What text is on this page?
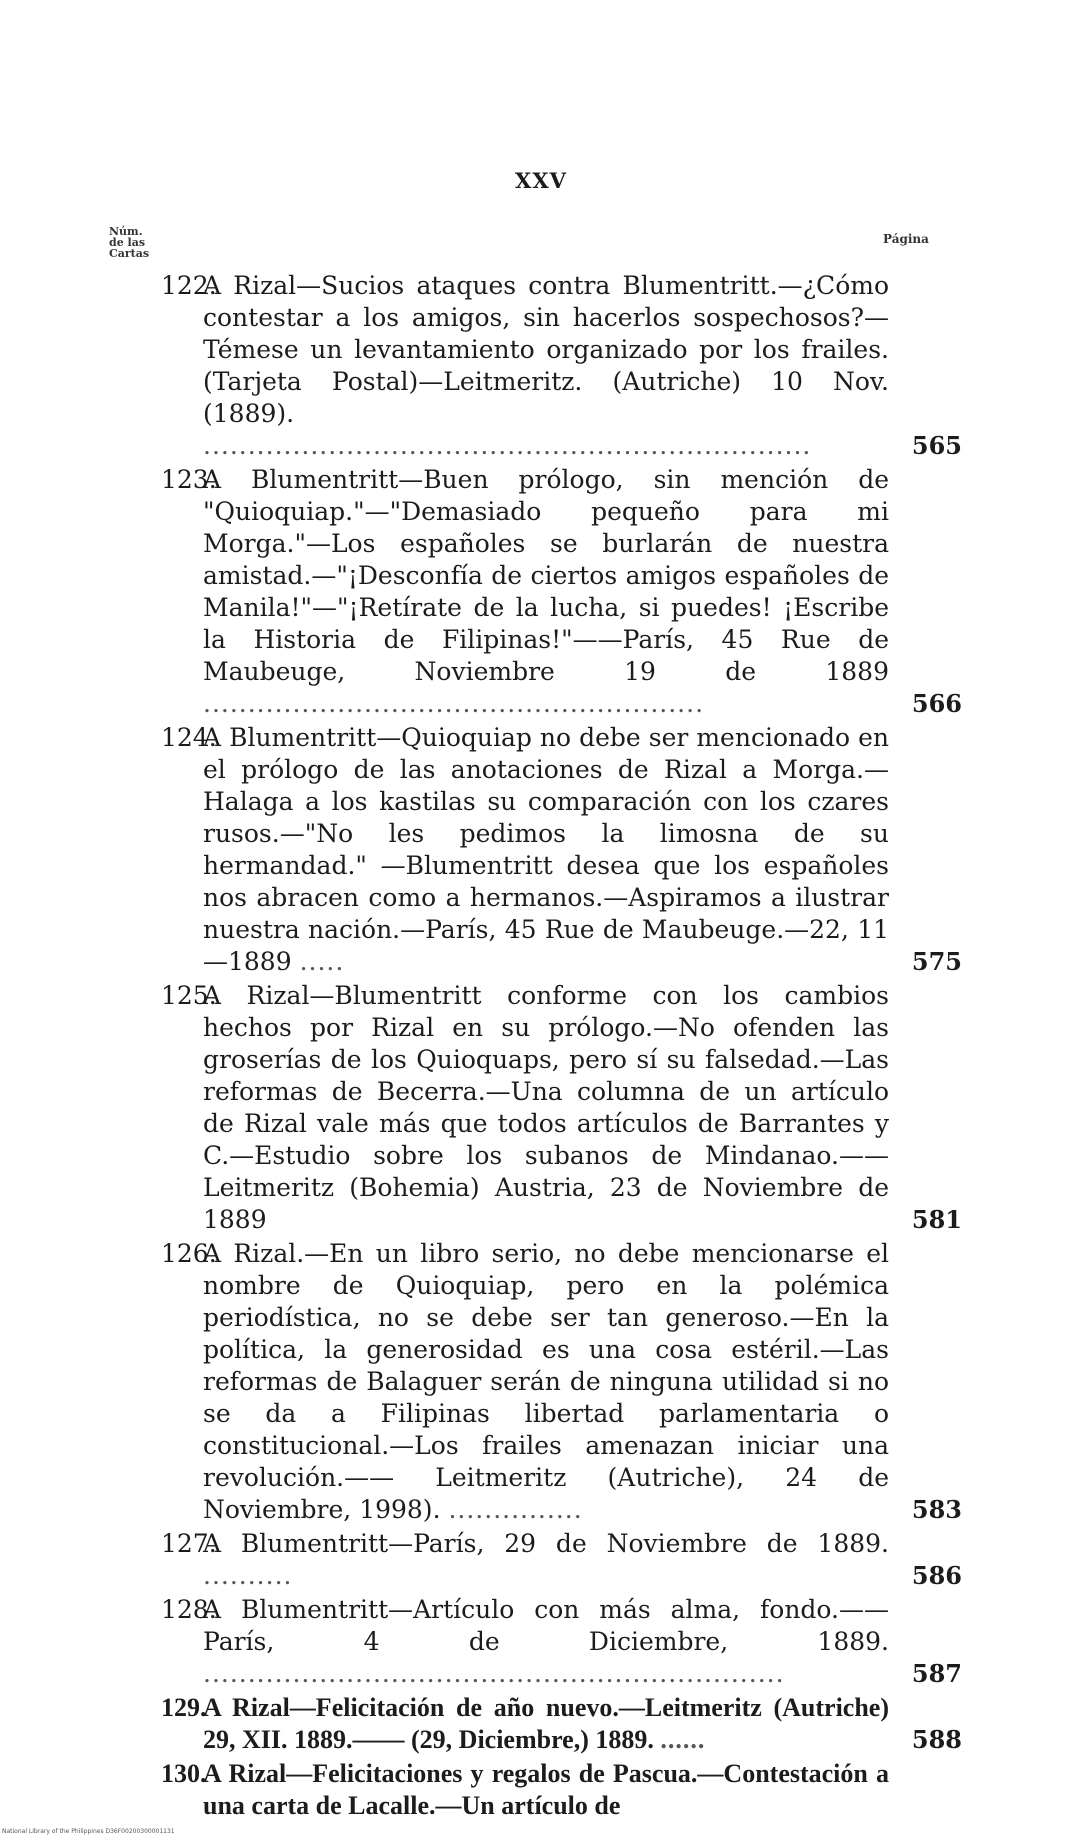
XXV
Núm.
de las
Cartas
Página
122.A Rizal—Sucios ataques contra Blumentritt.—¿Cómo contestar a los amigos, sin hacerlos sospechosos?—Témese un levantamiento organizado por los frailes. (Tarjeta Postal)—Leitmeritz. (Autriche) 10 Nov. (1889). ....................................................................	565
123.A Blumentritt—Buen prólogo, sin mención de "Quioquiap."—"Demasiado pequeño para mi Morga."—Los españoles se burlarán de nuestra amistad.—"¡Desconfía de ciertos amigos españoles de Manila!"—"¡Retírate de la lucha, si puedes! ¡Escribe la Historia de Filipinas!"——París, 45 Rue de Maubeuge, Noviembre 19 de 1889 ........................................................	566
124.A Blumentritt—Quioquiap no debe ser mencionado en el prólogo de las anotaciones de Rizal a Morga.—Halaga a los kastilas su comparación con los czares rusos.—"No les pedimos la limosna de su hermandad." —Blumentritt desea que los españoles nos abracen como a hermanos.—Aspiramos a ilustrar nuestra nación.—París, 45 Rue de Maubeuge.—22, 11—1889 .....	575
125.A Rizal—Blumentritt conforme con los cambios hechos por Rizal en su prólogo.—No ofenden las groserías de los Quioquaps, pero sí su falsedad.—Las reformas de Becerra.—Una columna de un artículo de Rizal vale más que todos artículos de Barrantes y C.—Estudio sobre los subanos de Mindanao.——Leitmeritz (Bohemia) Austria, 23 de Noviembre de 1889	581
126.A Rizal.—En un libro serio, no debe mencionarse el nombre de Quioquiap, pero en la polémica periodística, no se debe ser tan generoso.—En la política, la generosidad es una cosa estéril.—Las reformas de Balaguer serán de ninguna utilidad si no se da a Filipinas libertad parlamentaria o constitucional.—Los frailes amenazan iniciar una revolución.—— Leitmeritz (Autriche), 24 de Noviembre, 1998). ...............	583
127.A Blumentritt—París, 29 de Noviembre de 1889. ..........	586
128.A Blumentritt—Artículo con más alma, fondo.——París, 4 de Diciembre, 1889. .................................................................	587
129.A Rizal—Felicitación de año nuevo.—Leitmeritz (Autriche) 29, XII. 1889.—— (29, Diciembre,) 1889. ......	588
130.A Rizal—Felicitaciones y regalos de Pascua.—Contestación a una carta de Lacalle.—Un artículo de
National Library of the Philippines D36F00200300001131
